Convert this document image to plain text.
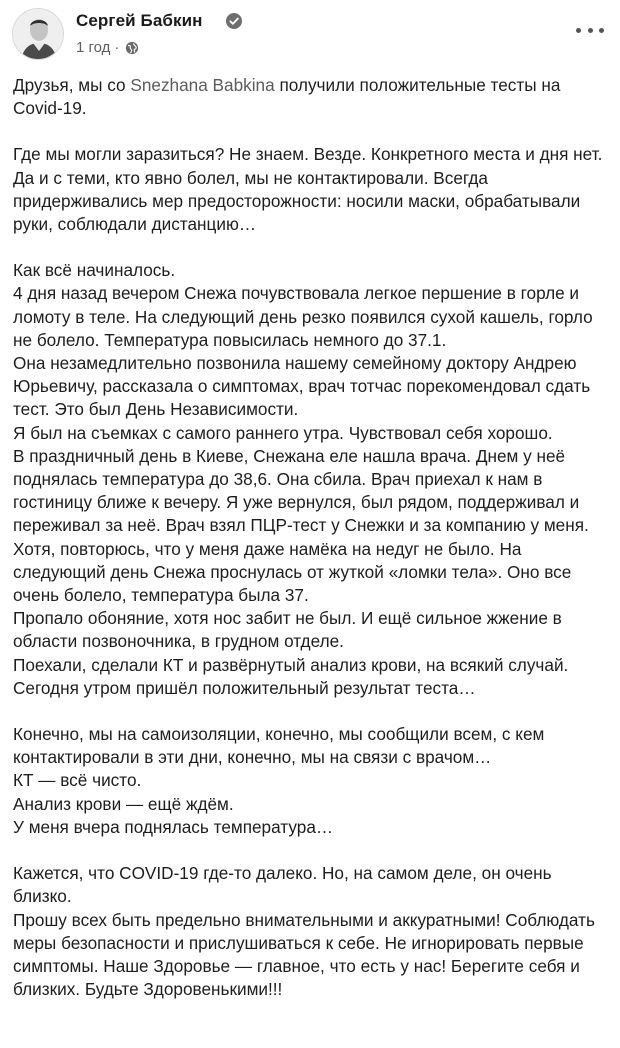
Сергей Бабкин
1 год ·

Друзья, мы со Snezhana Babkina получили положительные тесты на Covid-19.

Где мы могли заразиться? Не знаем. Везде. Конкретного места и дня нет. Да и с теми, кто явно болел, мы не контактировали. Всегда придерживались мер предосторожности: носили маски, обрабатывали руки, соблюдали дистанцию…

Как всё начиналось.
4 дня назад вечером Снежа почувствовала легкое першение в горле и ломоту в теле. На следующий день резко появился сухой кашель, горло не болело. Температура повысилась немного до 37.1.
Она незамедлительно позвонила нашему семейному доктору Андрею Юрьевичу, рассказала о симптомах, врач тотчас порекомендовал сдать тест. Это был День Независимости.
Я был на съемках с самого раннего утра. Чувствовал себя хорошо.
В праздничный день в Киеве, Снежана еле нашла врача. Днем у неё поднялась температура до 38,6. Она сбила. Врач приехал к нам в гостиницу ближе к вечеру. Я уже вернулся, был рядом, поддерживал и переживал за неё. Врач взял ПЦР-тест у Снежки и за компанию у меня. Хотя, повторюсь, что у меня даже намёка на недуг не было. На следующий день Снежа проснулась от жуткой «ломки тела». Оно все очень болело, температура была 37.
Пропало обоняние, хотя нос забит не был. И ещё сильное жжение в области позвоночника, в грудном отделе.
Поехали, сделали КТ и развёрнутый анализ крови, на всякий случай.
Сегодня утром пришёл положительный результат теста…

Конечно, мы на самоизоляции, конечно, мы сообщили всем, с кем контактировали в эти дни, конечно, мы на связи с врачом…
КТ — всё чисто.
Анализ крови — ещё ждём.
У меня вчера поднялась температура…

Кажется, что COVID-19 где-то далеко. Но, на самом деле, он очень близко.
Прошу всех быть предельно внимательными и аккуратными! Соблюдать меры безопасности и прислушиваться к себе. Не игнорировать первые симптомы. Наше Здоровье — главное, что есть у нас! Берегите себя и близких. Будьте Здоровенькими!!!
